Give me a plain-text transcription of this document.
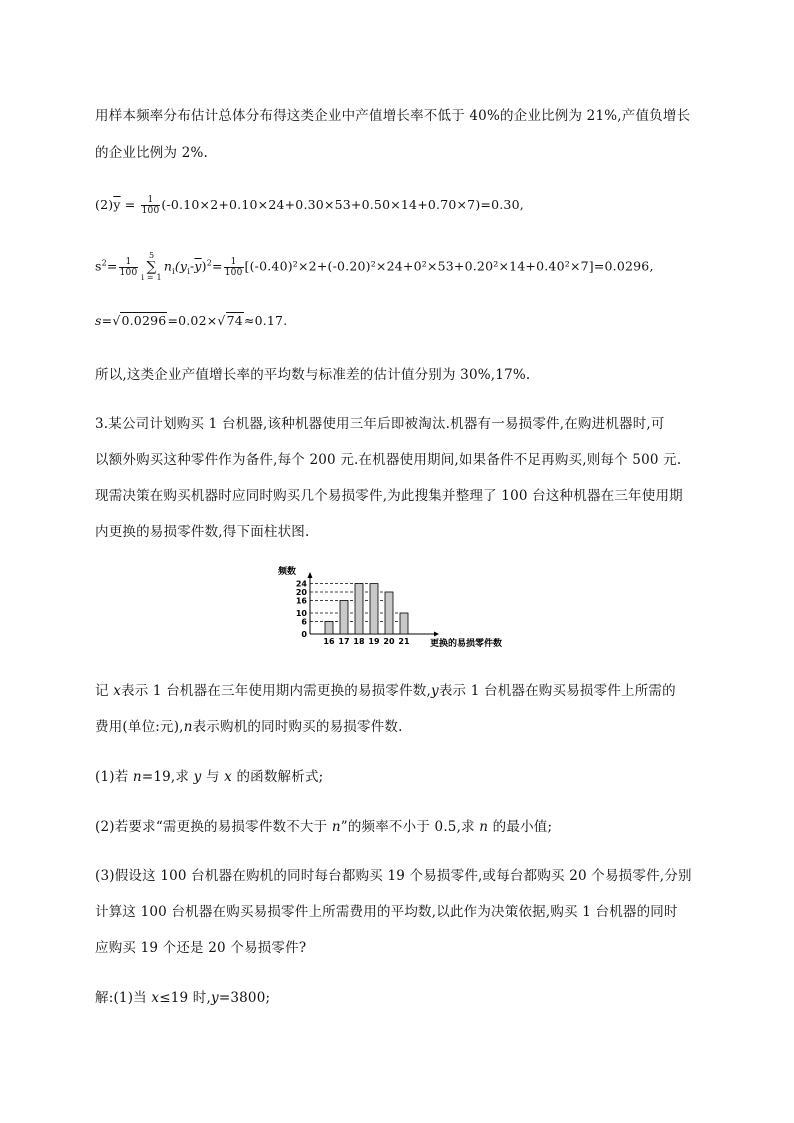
用样本频率分布估计总体分布得这类企业中产值增长率不低于 40%的企业比例为 21%,产值负增长
的企业比例为 2%.
$(2)\overline{y} = \frac{1}{100} (-0.10\times 2+0.10\times 24+0.30\times 53+0.50\times 14+0.70\times 7)=0.30$,
$s^2= \frac{1}{100}$
5
∑
$i = 1n_i(y_i-\overline{y})^2= \frac{1}{100} [(-0.40)^2\times 2+(-0.20)^2\times 24+0^2\times 53+0.20^2\times 14+0.40^2\times 7]=0.0296$,
s=√0.0296=0.02×√74≈0.17.
所以,这类企业产值增长率的平均数与标准差的估计值分别为 30%,17%.
3.某公司计划购买 1 台机器,该种机器使用三年后即被淘汰.机器有一易损零件,在购进机器时,可
以额外购买这种零件作为备件,每个 200 元.在机器使用期间,如果备件不足再购买,则每个 500 元.
现需决策在购买机器时应同时购买几个易损零件,为此搜集并整理了 100 台这种机器在三年使用期
内更换的易损零件数,得下面柱状图.
频数
0
6
10
16
20
24
16 17 18 19 20 21 更换的易损零件数
记 x表示 1 台机器在三年使用期内需更换的易损零件数,y表示 1 台机器在购买易损零件上所需的
费用(单位:元),n表示购机的同时购买的易损零件数.
(1)若 n=19,求 y 与 x 的函数解析式;
(2)若要求“需更换的易损零件数不大于 n”的频率不小于 0.5,求 n 的最小值;
(3)假设这 100 台机器在购机的同时每台都购买 19 个易损零件,或每台都购买 20 个易损零件,分别
计算这 100 台机器在购买易损零件上所需费用的平均数,以此作为决策依据,购买 1 台机器的同时
应购买 19 个还是 20 个易损零件?
解:(1)当 x≤19 时,y=3800;
